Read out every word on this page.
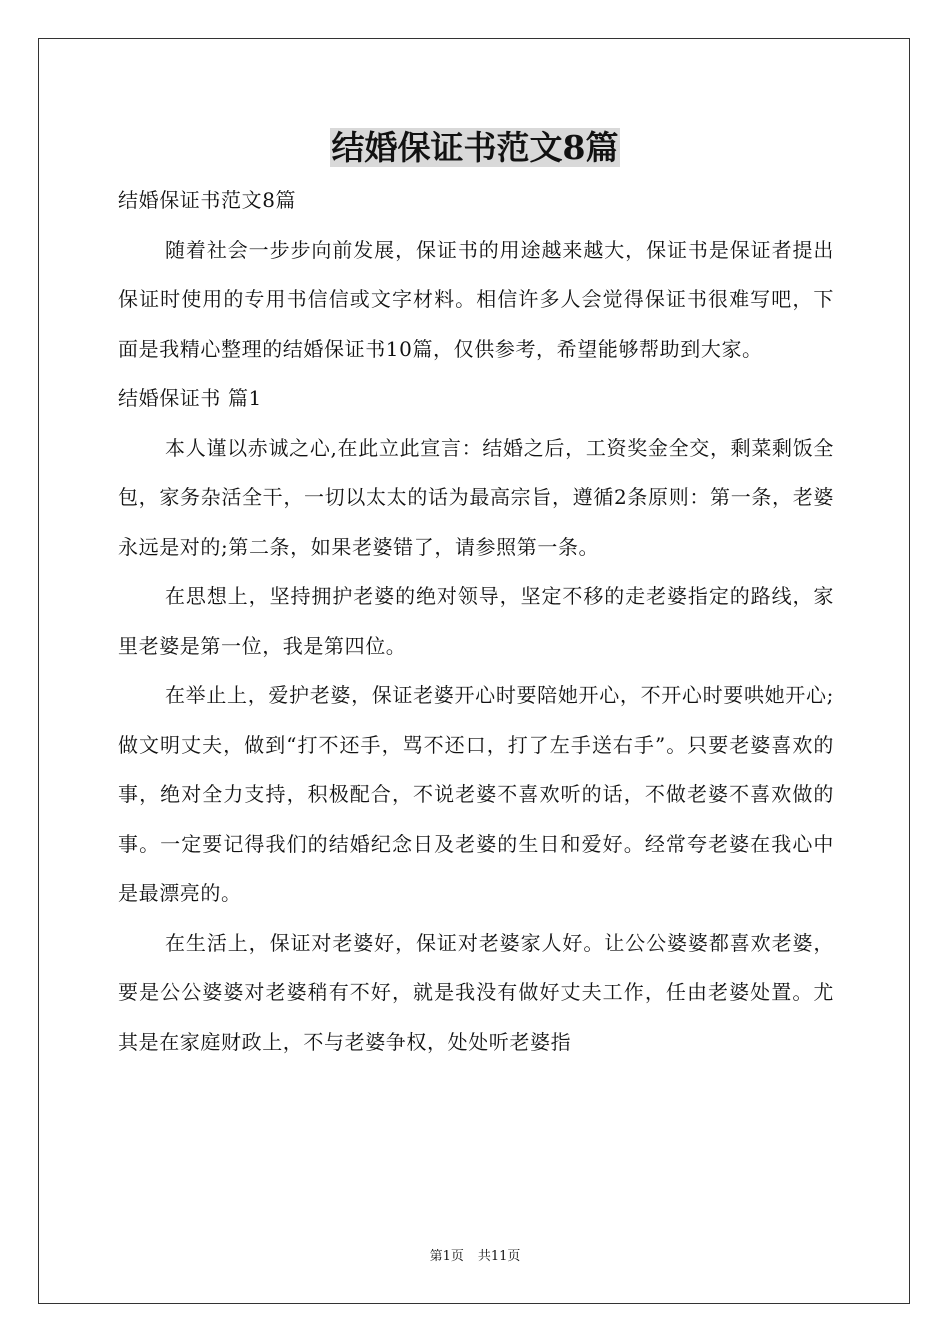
结婚保证书范文8篇

结婚保证书范文8篇

随着社会一步步向前发展，保证书的用途越来越大，保证书是保证者提出保证时使用的专用书信信或文字材料。相信许多人会觉得保证书很难写吧，下面是我精心整理的结婚保证书10篇，仅供参考，希望能够帮助到大家。

结婚保证书 篇1

本人谨以赤诚之心,在此立此宣言：结婚之后，工资奖金全交，剩菜剩饭全包，家务杂活全干，一切以太太的话为最高宗旨，遵循2条原则：第一条，老婆永远是对的;第二条，如果老婆错了，请参照第一条。

在思想上，坚持拥护老婆的绝对领导，坚定不移的走老婆指定的路线，家里老婆是第一位，我是第四位。

在举止上，爱护老婆，保证老婆开心时要陪她开心，不开心时要哄她开心;做文明丈夫，做到“打不还手，骂不还口，打了左手送右手”。只要老婆喜欢的事，绝对全力支持，积极配合，不说老婆不喜欢听的话，不做老婆不喜欢做的事。一定要记得我们的结婚纪念日及老婆的生日和爱好。经常夸老婆在我心中是最漂亮的。

在生活上，保证对老婆好，保证对老婆家人好。让公公婆婆都喜欢老婆，要是公公婆婆对老婆稍有不好，就是我没有做好丈夫工作，任由老婆处置。尤其是在家庭财政上，不与老婆争权，处处听老婆指

第1页 共11页
